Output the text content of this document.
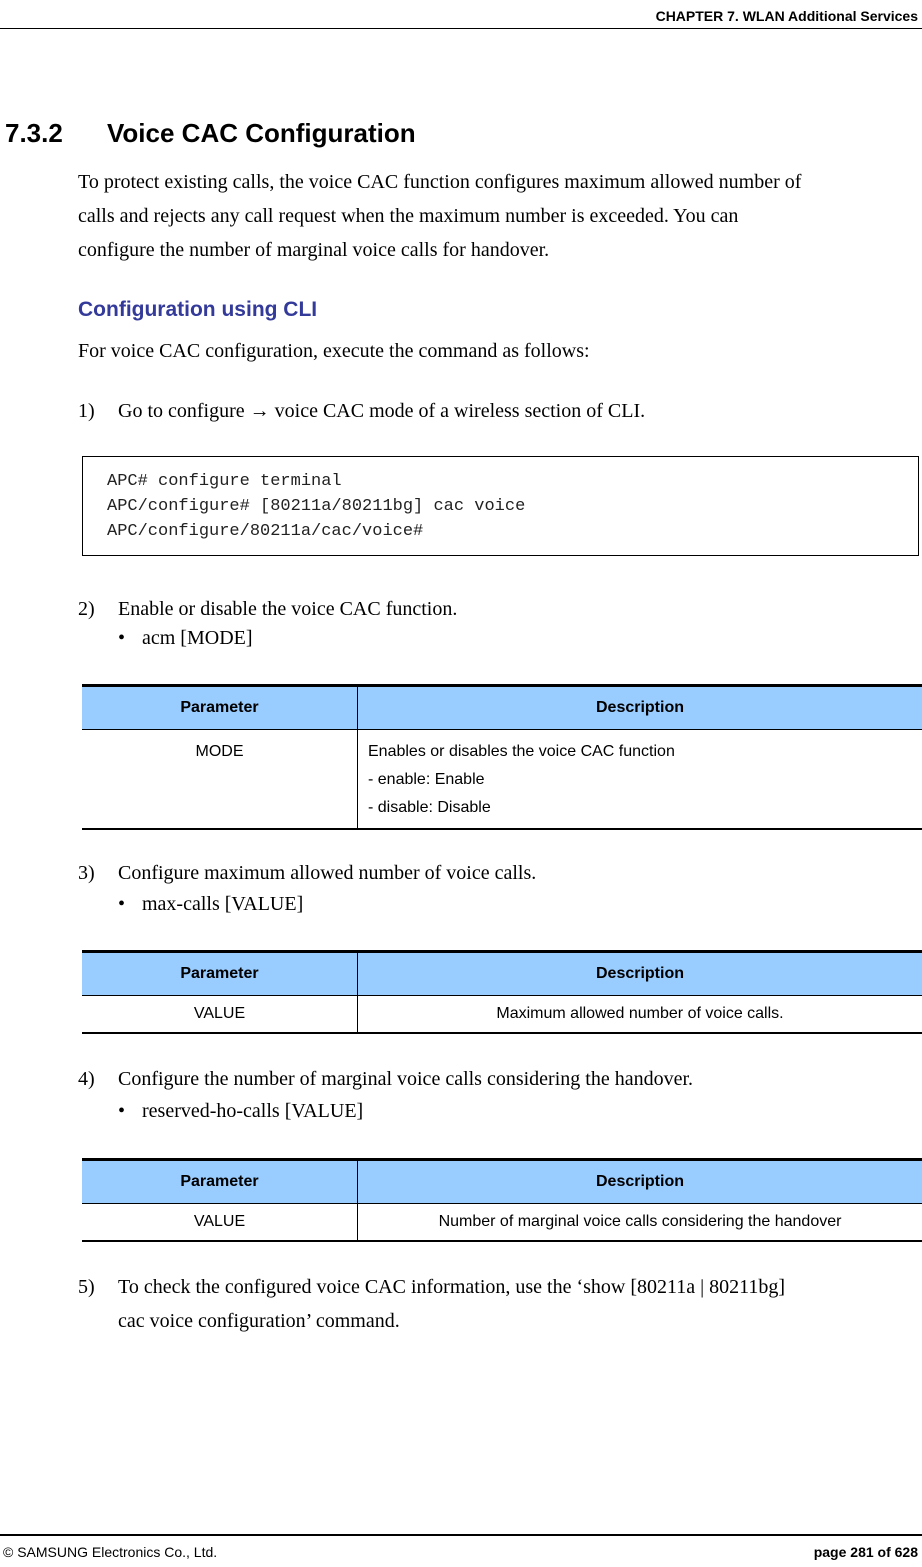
CHAPTER 7. WLAN Additional Services
7.3.2 Voice CAC Configuration
To protect existing calls, the voice CAC function configures maximum allowed number of
calls and rejects any call request when the maximum number is exceeded. You can
configure the number of marginal voice calls for handover.
Configuration using CLI
For voice CAC configuration, execute the command as follows:
1) Go to configure → voice CAC mode of a wireless section of CLI.
APC# configure terminal
APC/configure# [80211a/80211bg] cac voice
APC/configure/80211a/cac/voice#
2) Enable or disable the voice CAC function.
• acm [MODE]
Parameter	Description

MODE	Enables or disables the voice CAC function
- enable: Enable
- disable: Disable
3) Configure maximum allowed number of voice calls.
• max-calls [VALUE]
Parameter	Description

VALUE	Maximum allowed number of voice calls.
4) Configure the number of marginal voice calls considering the handover.
• reserved-ho-calls [VALUE]
Parameter	Description

VALUE	Number of marginal voice calls considering the handover
5) To check the configured voice CAC information, use the ‘show [80211a | 80211bg]
cac voice configuration’ command.
© SAMSUNG Electronics Co., Ltd.	page 281 of 628
